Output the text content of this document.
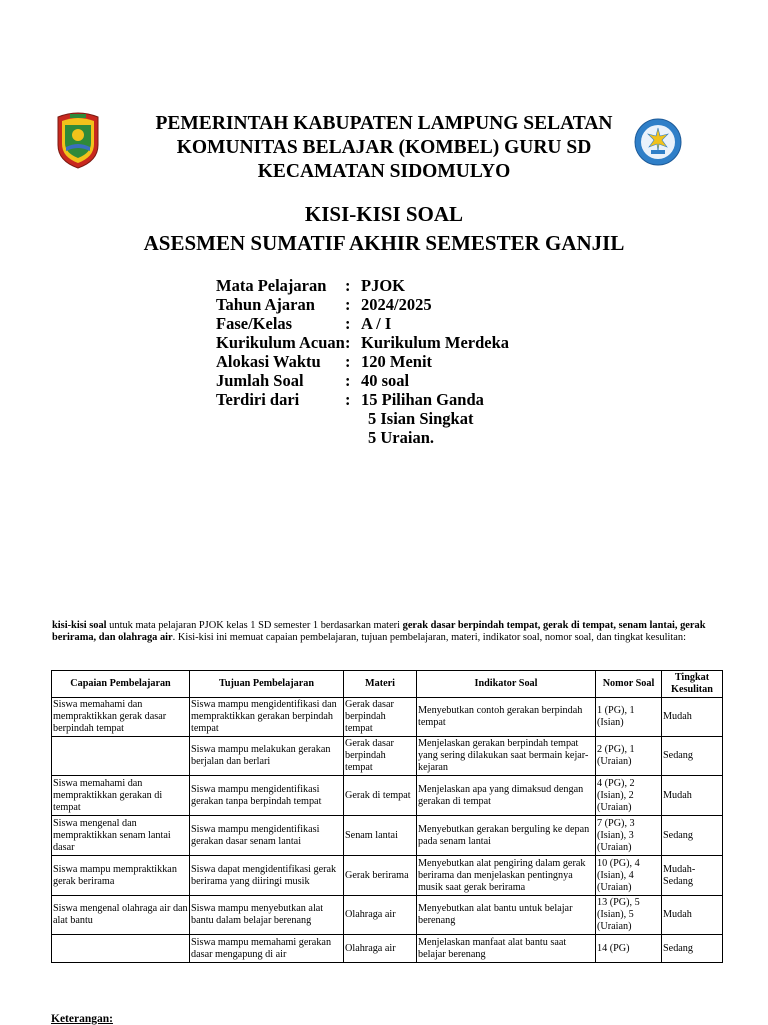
PEMERINTAH KABUPATEN LAMPUNG SELATAN
KOMUNITAS BELAJAR (KOMBEL) GURU SD
KECAMATAN SIDOMULYO
KISI-KISI SOAL
ASESMEN SUMATIF AKHIR SEMESTER GANJIL
Mata Pelajaran	: PJOK
Tahun Ajaran	: 2024/2025
Fase/Kelas	: A / I
Kurikulum Acuan : Kurikulum Merdeka
Alokasi Waktu	: 120 Menit
Jumlah Soal	: 40 soal
Terdiri dari	: 15 Pilihan Ganda
5 Isian Singkat
5 Uraian.
kisi-kisi soal untuk mata pelajaran PJOK kelas 1 SD semester 1 berdasarkan materi gerak dasar berpindah tempat, gerak di tempat, senam lantai, gerak berirama, dan olahraga air. Kisi-kisi ini memuat capaian pembelajaran, tujuan pembelajaran, materi, indikator soal, nomor soal, dan tingkat kesulitan:
Capaian Pembelajaran	Tujuan Pembelajaran	Materi	Indikator Soal	Nomor Soal	Tingkat Kesulitan
Siswa memahami dan mempraktikkan gerak dasar berpindah tempat	Siswa mampu mengidentifikasi dan mempraktikkan gerakan berpindah tempat	Gerak dasar berpindah tempat	Menyebutkan contoh gerakan berpindah tempat	1 (PG), 1 (Isian)	Mudah
	Siswa mampu melakukan gerakan berjalan dan berlari	Gerak dasar berpindah tempat	Menjelaskan gerakan berpindah tempat yang sering dilakukan saat bermain kejar-kejaran	2 (PG), 1 (Uraian)	Sedang
Siswa memahami dan mempraktikkan gerakan di tempat	Siswa mampu mengidentifikasi gerakan tanpa berpindah tempat	Gerak di tempat	Menjelaskan apa yang dimaksud dengan gerakan di tempat	4 (PG), 2 (Isian), 2 (Uraian)	Mudah
Siswa mengenal dan mempraktikkan senam lantai dasar	Siswa mampu mengidentifikasi gerakan dasar senam lantai	Senam lantai	Menyebutkan gerakan berguling ke depan pada senam lantai	7 (PG), 3 (Isian), 3 (Uraian)	Sedang
Siswa mampu mempraktikkan gerak berirama	Siswa dapat mengidentifikasi gerak berirama yang diiringi musik	Gerak berirama	Menyebutkan alat pengiring dalam gerak berirama dan menjelaskan pentingnya musik saat gerak berirama	10 (PG), 4 (Isian), 4 (Uraian)	Mudah-Sedang
Siswa mengenal olahraga air dan alat bantu	Siswa mampu menyebutkan alat bantu dalam belajar berenang	Olahraga air	Menyebutkan alat bantu untuk belajar berenang	13 (PG), 5 (Isian), 5 (Uraian)	Mudah
	Siswa mampu memahami gerakan dasar mengapung di air	Olahraga air	Menjelaskan manfaat alat bantu saat belajar berenang	14 (PG)	Sedang
Keterangan:
